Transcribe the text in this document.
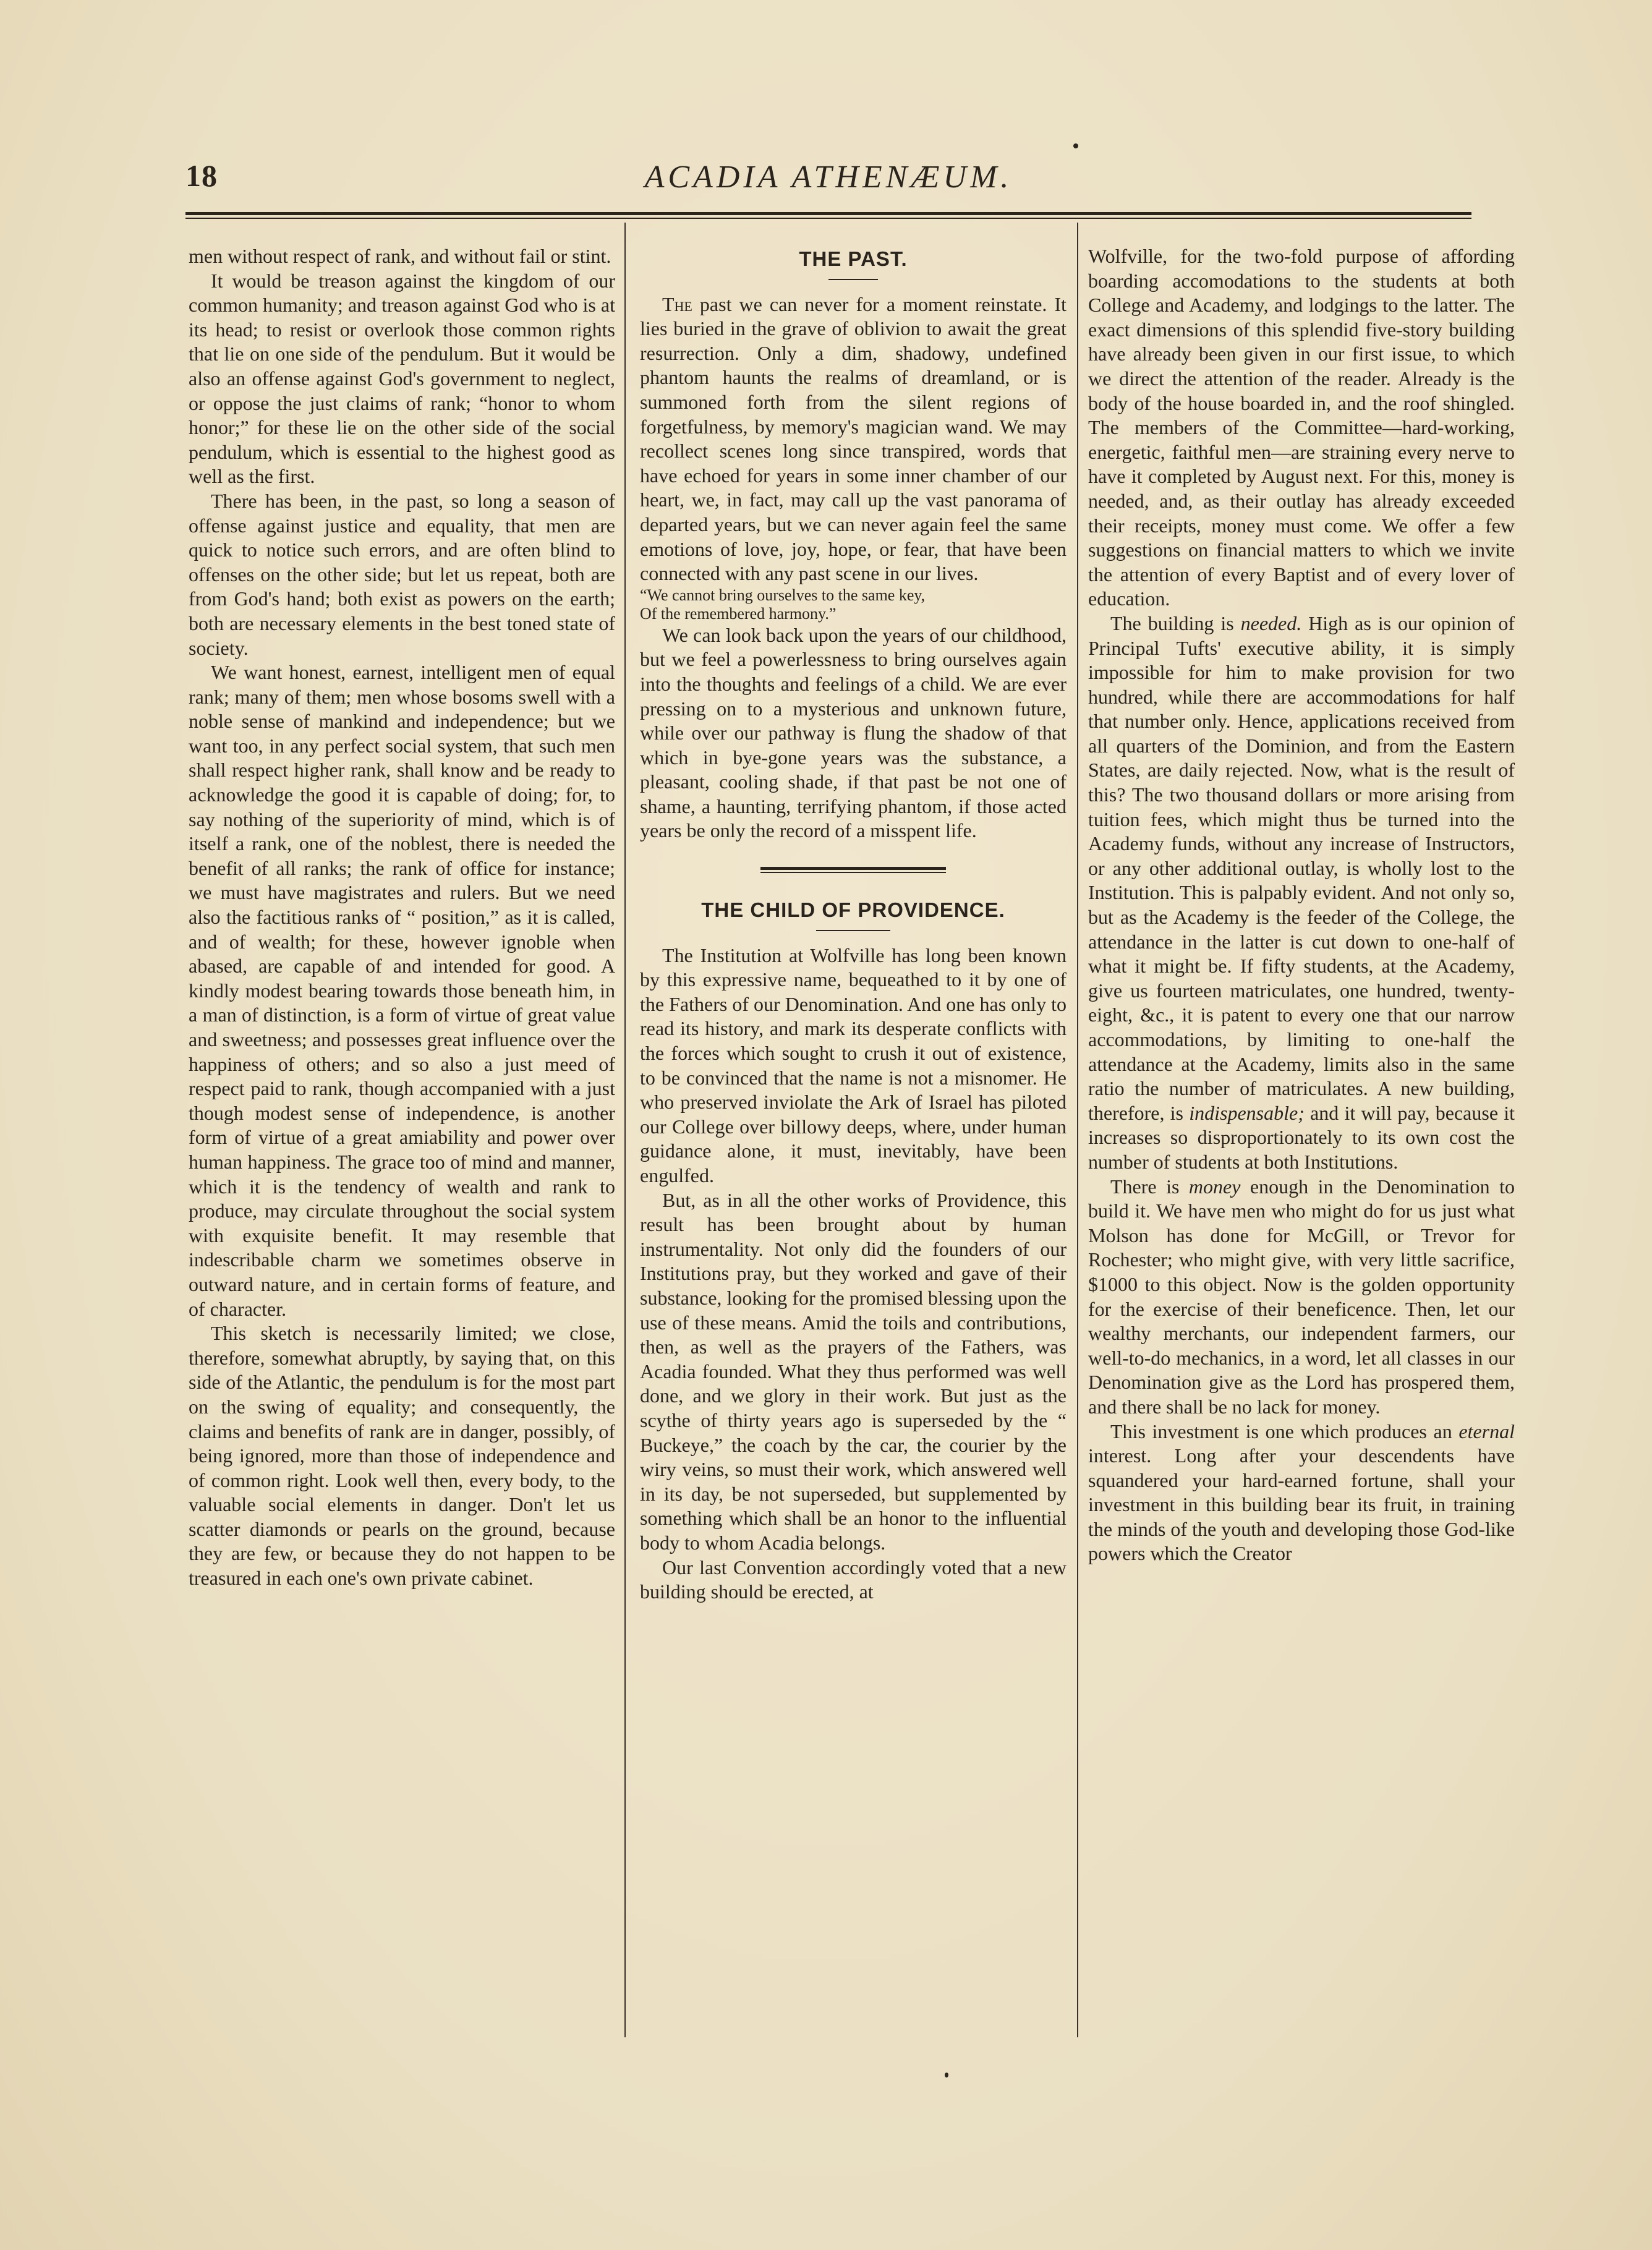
18	ACADIA ATHENÆUM.

men without respect of rank, and without fail or stint.

It would be treason against the kingdom of our common humanity; and treason against God who is at its head; to resist or overlook those common rights that lie on one side of the pendulum. But it would be also an offense against God's government to neglect, or oppose the just claims of rank; “honor to whom honor;” for these lie on the other side of the social pendulum, which is essential to the highest good as well as the first.

There has been, in the past, so long a season of offense against justice and equality, that men are quick to notice such errors, and are often blind to offenses on the other side; but let us repeat, both are from God's hand; both exist as powers on the earth; both are necessary elements in the best toned state of society.

We want honest, earnest, intelligent men of equal rank; many of them; men whose bosoms swell with a noble sense of mankind and independence; but we want too, in any perfect social system, that such men shall respect higher rank, shall know and be ready to acknowledge the good it is capable of doing; for, to say nothing of the superiority of mind, which is of itself a rank, one of the noblest, there is needed the benefit of all ranks; the rank of office for instance; we must have magistrates and rulers. But we need also the factitious ranks of “ position,” as it is called, and of wealth; for these, however ignoble when abased, are capable of and intended for good. A kindly modest bearing towards those beneath him, in a man of distinction, is a form of virtue of great value and sweetness; and possesses great influence over the happiness of others; and so also a just meed of respect paid to rank, though accompanied with a just though modest sense of independence, is another form of virtue of a great amiability and power over human happiness. The grace too of mind and manner, which it is the tendency of wealth and rank to produce, may circulate throughout the social system with exquisite benefit. It may resemble that indescribable charm we sometimes observe in outward nature, and in certain forms of feature, and of character.

This sketch is necessarily limited; we close, therefore, somewhat abruptly, by saying that, on this side of the Atlantic, the pendulum is for the most part on the swing of equality; and consequently, the claims and benefits of rank are in danger, possibly, of being ignored, more than those of independence and of common right. Look well then, every body, to the valuable social elements in danger. Don't let us scatter diamonds or pearls on the ground, because they are few, or because they do not happen to be treasured in each one's own private cabinet.

THE PAST.

The past we can never for a moment reinstate. It lies buried in the grave of oblivion to await the great resurrection. Only a dim, shadowy, undefined phantom haunts the realms of dreamland, or is summoned forth from the silent regions of forgetfulness, by memory's magician wand. We may recollect scenes long since transpired, words that have echoed for years in some inner chamber of our heart, we, in fact, may call up the vast panorama of departed years, but we can never again feel the same emotions of love, joy, hope, or fear, that have been connected with any past scene in our lives.

“We cannot bring ourselves to the same key,

Of the remembered harmony.”

We can look back upon the years of our childhood, but we feel a powerlessness to bring ourselves again into the thoughts and feelings of a child. We are ever pressing on to a mysterious and unknown future, while over our pathway is flung the shadow of that which in bye-gone years was the substance, a pleasant, cooling shade, if that past be not one of shame, a haunting, terrifying phantom, if those acted years be only the record of a misspent life.

THE CHILD OF PROVIDENCE.

The Institution at Wolfville has long been known by this expressive name, bequeathed to it by one of the Fathers of our Denomination. And one has only to read its history, and mark its desperate conflicts with the forces which sought to crush it out of existence, to be convinced that the name is not a misnomer. He who preserved inviolate the Ark of Israel has piloted our College over billowy deeps, where, under human guidance alone, it must, inevitably, have been engulfed.

But, as in all the other works of Providence, this result has been brought about by human instrumentality. Not only did the founders of our Institutions pray, but they worked and gave of their substance, looking for the promised blessing upon the use of these means. Amid the toils and contributions, then, as well as the prayers of the Fathers, was Acadia founded. What they thus performed was well done, and we glory in their work. But just as the scythe of thirty years ago is superseded by the “ Buckeye,” the coach by the car, the courier by the wiry veins, so must their work, which answered well in its day, be not superseded, but supplemented by something which shall be an honor to the influential body to whom Acadia belongs.

Our last Convention accordingly voted that a new building should be erected, at

Wolfville, for the two-fold purpose of affording boarding accomodations to the students at both College and Academy, and lodgings to the latter. The exact dimensions of this splendid five-story building have already been given in our first issue, to which we direct the attention of the reader. Already is the body of the house boarded in, and the roof shingled. The members of the Committee—hard-working, energetic, faithful men—are straining every nerve to have it completed by August next. For this, money is needed, and, as their outlay has already exceeded their receipts, money must come. We offer a few suggestions on financial matters to which we invite the attention of every Baptist and of every lover of education.

The building is needed. High as is our opinion of Principal Tufts' executive ability, it is simply impossible for him to make provision for two hundred, while there are accommodations for half that number only. Hence, applications received from all quarters of the Dominion, and from the Eastern States, are daily rejected. Now, what is the result of this? The two thousand dollars or more arising from tuition fees, which might thus be turned into the Academy funds, without any increase of Instructors, or any other additional outlay, is wholly lost to the Institution. This is palpably evident. And not only so, but as the Academy is the feeder of the College, the attendance in the latter is cut down to one-half of what it might be. If fifty students, at the Academy, give us fourteen matriculates, one hundred, twenty-eight, &c., it is patent to every one that our narrow accommodations, by limiting to one-half the attendance at the Academy, limits also in the same ratio the number of matriculates. A new building, therefore, is indispensable; and it will pay, because it increases so disproportionately to its own cost the number of students at both Institutions.

There is money enough in the Denomination to build it. We have men who might do for us just what Molson has done for McGill, or Trevor for Rochester; who might give, with very little sacrifice, $1000 to this object. Now is the golden opportunity for the exercise of their beneficence. Then, let our wealthy merchants, our independent farmers, our well-to-do mechanics, in a word, let all classes in our Denomination give as the Lord has prospered them, and there shall be no lack for money.

This investment is one which produces an eternal interest. Long after your descendents have squandered your hard-earned fortune, shall your investment in this building bear its fruit, in training the minds of the youth and developing those God-like powers which the Creator
